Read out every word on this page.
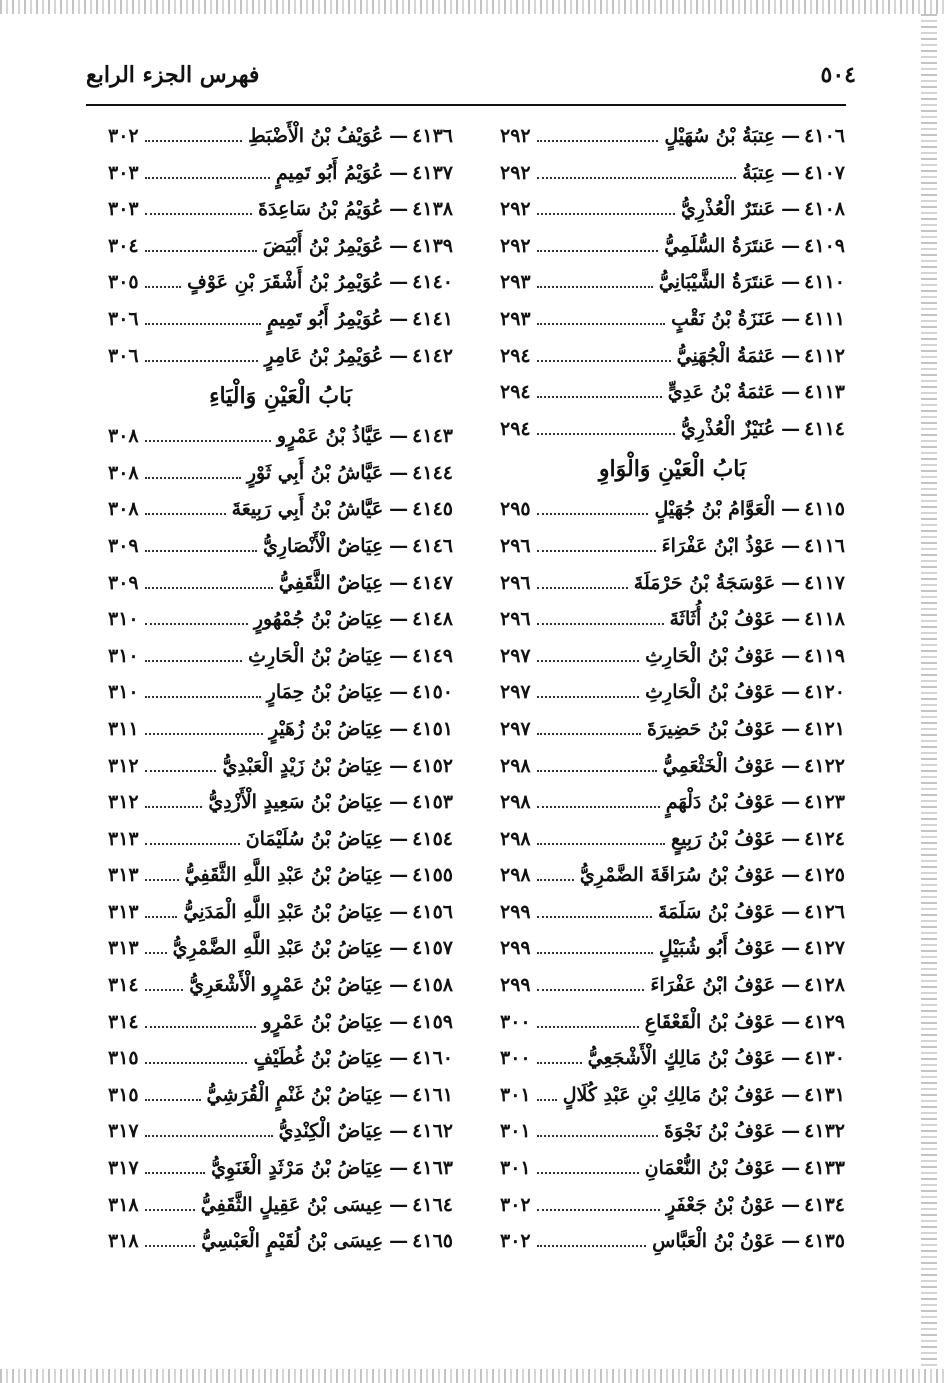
٥٠٤
فهرس الجزء الرابع
٤١٠٦
—
عِتبَةُ بْنُ سُهَيْلٍ
٢٩٢
٤١٠٧
—
عِتبَةُ
٢٩٢
٤١٠٨
—
عَنتَرٌ الْعُذْرِيُّ
٢٩٢
٤١٠٩
—
عَنتَرَةُ السُّلَمِيُّ
٢٩٢
٤١١٠
—
عَنتَرَةُ الشَّيْبَانِيُّ
٢٩٣
٤١١١
—
عَنَزَةُ بْنُ نَقْبٍ
٢٩٣
٤١١٢
—
عَثمَةُ الْجُهَنِيُّ
٢٩٤
٤١١٣
—
عَثمَةُ بْنُ عَدِيٍّ
٢٩٤
٤١١٤
—
عُنَيْزٌ الْعُذْرِيُّ
٢٩٤
بَابُ الْعَيْنِ وَالْوَاوِ
٤١١٥
—
الْعَوَّامُ بْنُ جُهَيْلٍ
٢٩٥
٤١١٦
—
عَوْذُ ابْنُ عَفْرَاءَ
٢٩٦
٤١١٧
—
عَوْسَجَةُ بْنُ حَرْمَلَةَ
٢٩٦
٤١١٨
—
عَوْفُ بْنُ أُثَاثَةَ
٢٩٦
٤١١٩
—
عَوْفُ بْنُ الْحَارِثِ
٢٩٧
٤١٢٠
—
عَوْفُ بْنُ الْحَارِثِ
٢٩٧
٤١٢١
—
عَوْفُ بْنُ حَضِيرَةَ
٢٩٧
٤١٢٢
—
عَوْفُ الْخَثْعَمِيُّ
٢٩٨
٤١٢٣
—
عَوْفُ بْنُ دَلْهَمٍ
٢٩٨
٤١٢٤
—
عَوْفُ بْنُ رَبِيعٍ
٢٩٨
٤١٢٥
—
عَوْفُ بْنُ سُرَاقَةَ الضَّمْرِيُّ
٢٩٨
٤١٢٦
—
عَوْفُ بْنُ سَلَمَةَ
٢٩٩
٤١٢٧
—
عَوْفُ أَبُو شُبَيْلٍ
٢٩٩
٤١٢٨
—
عَوْفُ ابْنُ عَفْرَاءَ
٢٩٩
٤١٢٩
—
عَوْفُ بْنُ الْقَعْقَاعِ
٣٠٠
٤١٣٠
—
عَوْفُ بْنُ مَالِكٍ الْأَشْجَعِيُّ
٣٠٠
٤١٣١
—
عَوْفُ بْنُ مَالِكِ بْنِ عَبْدِ كُلَالٍ
٣٠١
٤١٣٢
—
عَوْفُ بْنُ نَجْوَةَ
٣٠١
٤١٣٣
—
عَوْفُ بْنُ النُّعْمَانِ
٣٠١
٤١٣٤
—
عَوْنُ بْنُ جَعْفَرٍ
٣٠٢
٤١٣٥
—
عَوْنُ بْنُ الْعَبَّاسِ
٣٠٢
٤١٣٦
—
عُوَيْفُ بْنُ الْأَضْبَطِ
٣٠٢
٤١٣٧
—
عُوَيْمُ أَبُو تَمِيمٍ
٣٠٣
٤١٣٨
—
عُوَيْمُ بْنُ سَاعِدَةَ
٣٠٣
٤١٣٩
—
عُوَيْمِرُ بْنُ أَبْيَضَ
٣٠٤
٤١٤٠
—
عُوَيْمِرُ بْنُ أَشْقَرَ بْنِ عَوْفٍ
٣٠٥
٤١٤١
—
عُوَيْمِرُ أَبُو تَمِيمٍ
٣٠٦
٤١٤٢
—
عُوَيْمِرُ بْنُ عَامِرٍ
٣٠٦
بَابُ الْعَيْنِ وَالْيَاءِ
٤١٤٣
—
عَيَّاذُ بْنُ عَمْرٍو
٣٠٨
٤١٤٤
—
عَيَّاشُ بْنُ أَبِي ثَوْرٍ
٣٠٨
٤١٤٥
—
عَيَّاشُ بْنُ أَبِي رَبِيعَةَ
٣٠٨
٤١٤٦
—
عِيَاضٌ الْأَنْصَارِيُّ
٣٠٩
٤١٤٧
—
عِيَاضٌ الثَّقَفِيُّ
٣٠٩
٤١٤٨
—
عِيَاضُ بْنُ جُمْهُورٍ
٣١٠
٤١٤٩
—
عِيَاضُ بْنُ الْحَارِثِ
٣١٠
٤١٥٠
—
عِيَاضُ بْنُ حِمَارٍ
٣١٠
٤١٥١
—
عِيَاضُ بْنُ زُهَيْرٍ
٣١١
٤١٥٢
—
عِيَاضُ بْنُ زَيْدٍ الْعَبْدِيُّ
٣١٢
٤١٥٣
—
عِيَاضُ بْنُ سَعِيدٍ الْأَزْدِيُّ
٣١٢
٤١٥٤
—
عِيَاضُ بْنُ سُلَيْمَانَ
٣١٣
٤١٥٥
—
عِيَاضُ بْنُ عَبْدِ اللَّهِ الثَّقَفِيُّ
٣١٣
٤١٥٦
—
عِيَاضُ بْنُ عَبْدِ اللَّهِ الْمَدَنِيُّ
٣١٣
٤١٥٧
—
عِيَاضُ بْنُ عَبْدِ اللَّهِ الضَّمْرِيُّ
٣١٣
٤١٥٨
—
عِيَاضُ بْنُ عَمْرٍو الْأَشْعَرِيُّ
٣١٤
٤١٥٩
—
عِيَاضُ بْنُ عَمْرٍو
٣١٤
٤١٦٠
—
عِيَاضُ بْنُ غُطَيْفٍ
٣١٥
٤١٦١
—
عِيَاضُ بْنُ غَنْمٍ الْقُرَشِيُّ
٣١٥
٤١٦٢
—
عِيَاضٌ الْكِنْدِيُّ
٣١٧
٤١٦٣
—
عِيَاضُ بْنُ مَرْثَدٍ الْغَنَوِيُّ
٣١٧
٤١٦٤
—
عِيسَى بْنُ عَقِيلٍ الثَّقَفِيُّ
٣١٨
٤١٦٥
—
عِيسَى بْنُ لُقَيْمٍ الْعَبْسِيُّ
٣١٨
